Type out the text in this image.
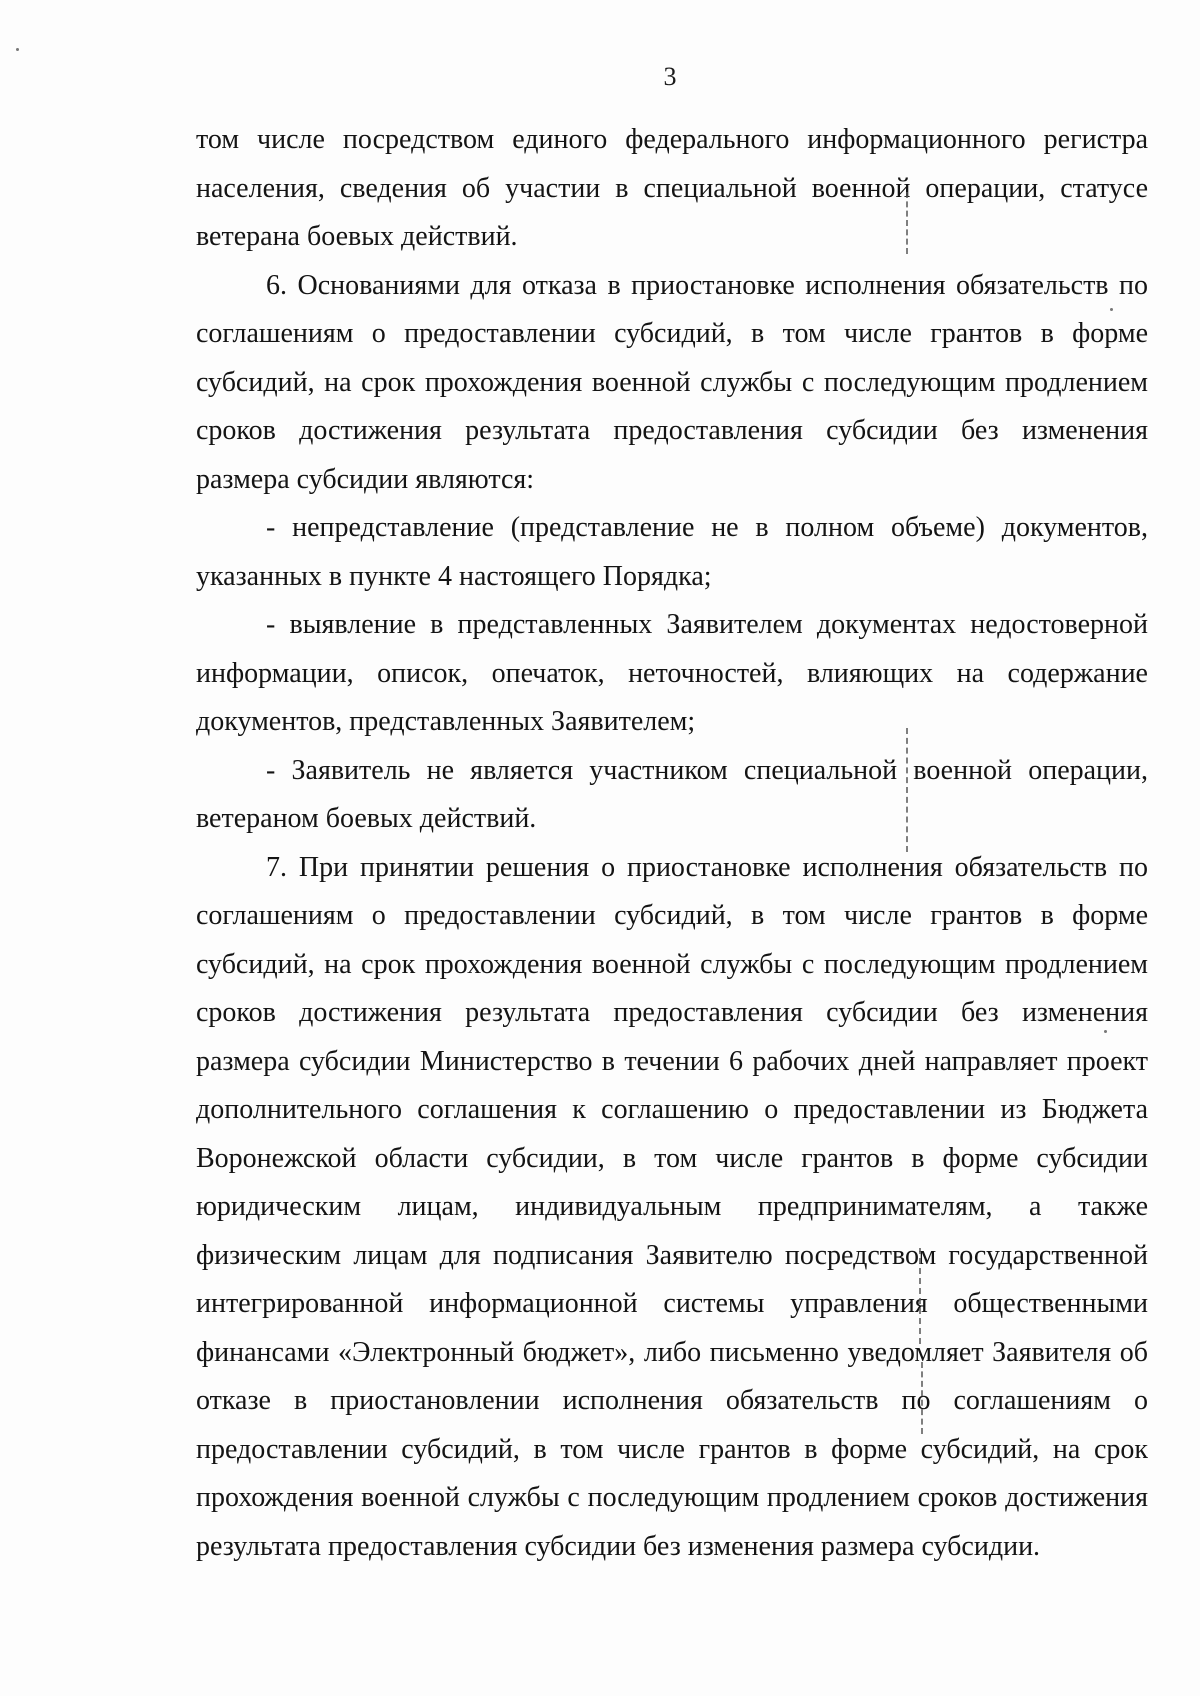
3

том числе посредством единого федерального информационного регистра населения, сведения об участии в специальной военной операции, статусе ветерана боевых действий.

6. Основаниями для отказа в приостановке исполнения обязательств по соглашениям о предоставлении субсидий, в том числе грантов в форме субсидий, на срок прохождения военной службы с последующим продлением сроков достижения результата предоставления субсидии без изменения размера субсидии являются:

- непредставление (представление не в полном объеме) документов, указанных в пункте 4 настоящего Порядка;

- выявление в представленных Заявителем документах недостоверной информации, описок, опечаток, неточностей, влияющих на содержание документов, представленных Заявителем;

- Заявитель не является участником специальной военной операции, ветераном боевых действий.

7. При принятии решения о приостановке исполнения обязательств по соглашениям о предоставлении субсидий, в том числе грантов в форме субсидий, на срок прохождения военной службы с последующим продлением сроков достижения результата предоставления субсидии без изменения размера субсидии Министерство в течении 6 рабочих дней направляет проект дополнительного соглашения к соглашению о предоставлении из Бюджета Воронежской области субсидии, в том числе грантов в форме субсидии юридическим лицам, индивидуальным предпринимателям, а также физическим лицам для подписания Заявителю посредством государственной интегрированной информационной системы управления общественными финансами «Электронный бюджет», либо письменно уведомляет Заявителя об отказе в приостановлении исполнения обязательств по соглашениям о предоставлении субсидий, в том числе грантов в форме субсидий, на срок прохождения военной службы с последующим продлением сроков достижения результата предоставления субсидии без изменения размера субсидии.
